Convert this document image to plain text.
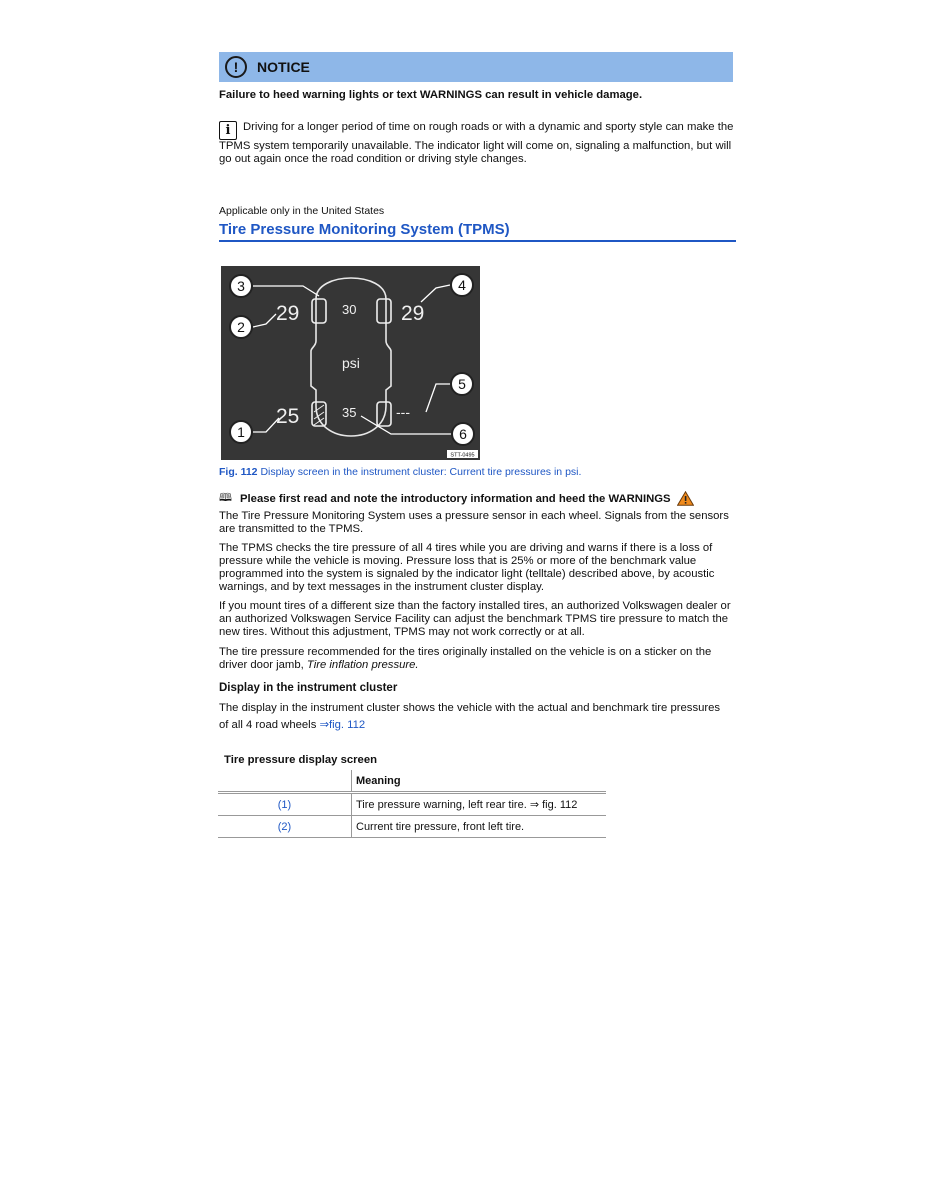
!	NOTICE
Failure to heed warning lights or text WARNINGS can result in vehicle damage.
i Driving for a longer period of time on rough roads or with a dynamic and sporty style can make the TPMS system temporarily unavailable. The indicator light will come on, signaling a malfunction, but will go out again once the road condition or driving style changes.
Applicable only in the United States
Tire Pressure Monitoring System (TPMS)
29	29
25
30
35
psi
---
3
2
4
5
6
1
STT-0495
Fig. 112 Display screen in the instrument cluster: Current tire pressures in psi.
🕮 Please first read and note the introductory information and heed the WARNINGS
The Tire Pressure Monitoring System uses a pressure sensor in each wheel. Signals from the sensors are transmitted to the TPMS.
The TPMS checks the tire pressure of all 4 tires while you are driving and warns if there is a loss of pressure while the vehicle is moving. Pressure loss that is 25% or more of the benchmark value programmed into the system is signaled by the indicator light (telltale) described above, by acoustic warnings, and by text messages in the instrument cluster display.
If you mount tires of a different size than the factory installed tires, an authorized Volkswagen dealer or an authorized Volkswagen Service Facility can adjust the benchmark TPMS tire pressure to match the new tires. Without this adjustment, TPMS may not work correctly or at all.
The tire pressure recommended for the tires originally installed on the vehicle is on a sticker on the driver door jamb, Tire inflation pressure.
Display in the instrument cluster
The display in the instrument cluster shows the vehicle with the actual and benchmark tire pressures
of all 4 road wheels ⇒fig. 112
Tire pressure display screen
	Meaning
(1)	Tire pressure warning, left rear tire. ⇒ fig. 112
(2)	Current tire pressure, front left tire.
